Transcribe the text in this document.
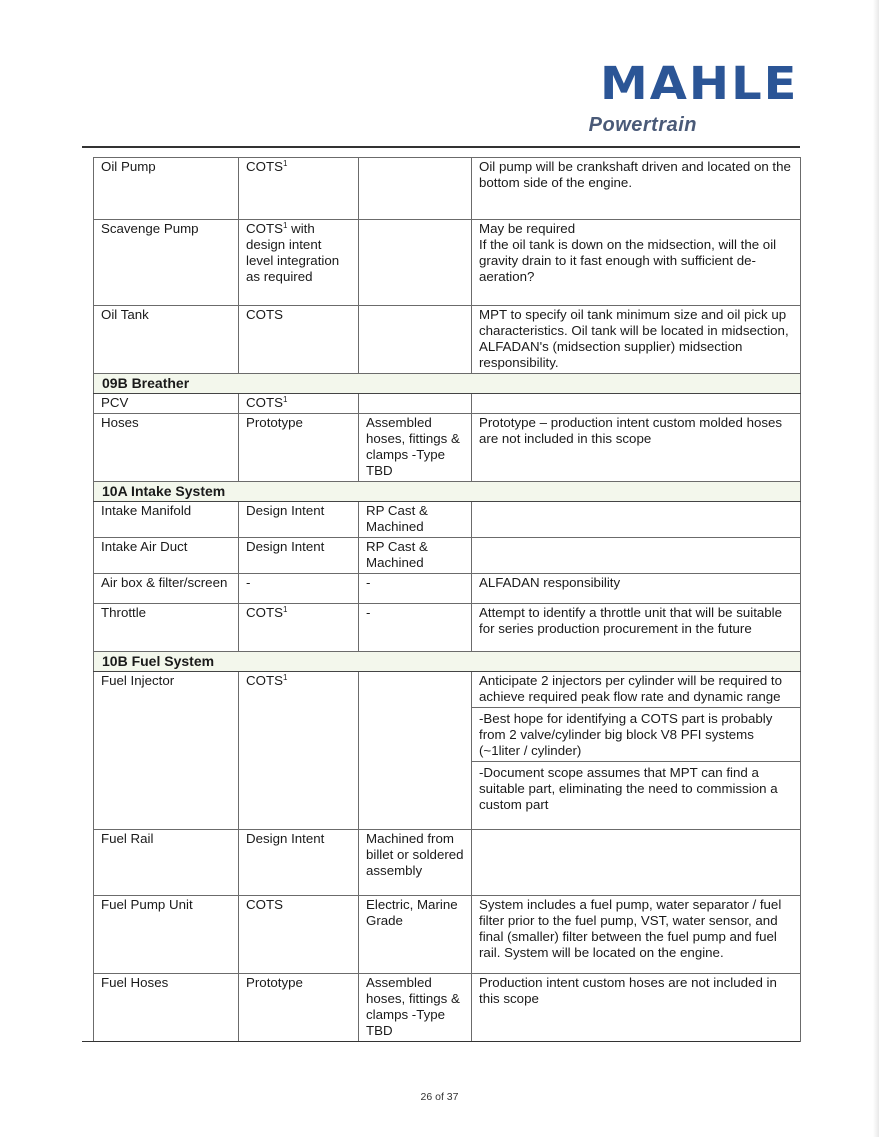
MAHLE
Powertrain
Oil Pump	COTS$^1$		Oil pump will be crankshaft driven and located on the bottom side of the engine.

Scavenge Pump	COTS$^1$ with design intent level integration as required		May be required
If the oil tank is down on the midsection, will the oil gravity drain to it fast enough with sufficient de-aeration?

Oil Tank	COTS		MPT to specify oil tank minimum size and oil pick up characteristics. Oil tank will be located in midsection, ALFADAN's (midsection supplier) midsection responsibility.

09B Breather			
PCV	COTS$^1$		

Hoses	Prototype	Assembled hoses, fittings & clamps -Type TBD	Prototype – production intent custom molded hoses are not included in this scope

10A Intake System			
Intake Manifold	Design Intent	RP Cast & Machined	

Intake Air Duct	Design Intent	RP Cast & Machined	

Air box & filter/screen	-	-	ALFADAN responsibility

Throttle	COTS$^1$	-	Attempt to identify a throttle unit that will be suitable for series production procurement in the future

10B Fuel System			
Fuel Injector	COTS$^1$		Anticipate 2 injectors per cylinder will be required to achieve required peak flow rate and dynamic range
-Best hope for identifying a COTS part is probably from 2 valve/cylinder big block V8 PFI systems (~1liter / cylinder)
-Document scope assumes that MPT can find a suitable part, eliminating the need to commission a custom part

Fuel Rail	Design Intent	Machined from billet or soldered assembly	

Fuel Pump Unit	COTS	Electric, Marine Grade	System includes a fuel pump, water separator / fuel filter prior to the fuel pump, VST, water sensor, and final (smaller) filter between the fuel pump and fuel rail. System will be located on the engine.

Fuel Hoses	Prototype	Assembled hoses, fittings & clamps -Type TBD	Production intent custom hoses are not included in this scope
26 of 37
